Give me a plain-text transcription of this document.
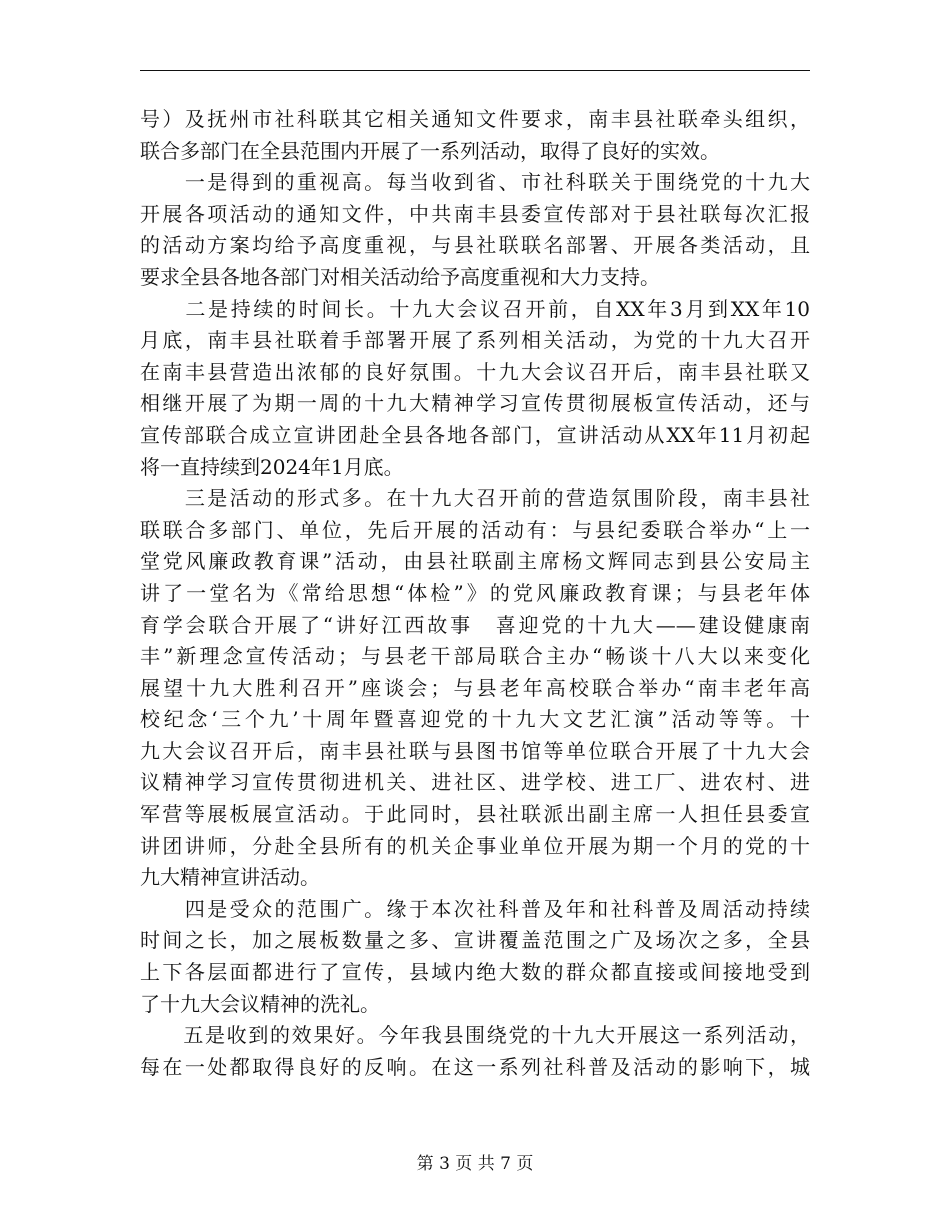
号）及抚州市社科联其它相关通知文件要求，南丰县社联牵头组织，
联合多部门在全县范围内开展了一系列活动，取得了良好的实效。
　　一是得到的重视高。每当收到省、市社科联关于围绕党的十九大
开展各项活动的通知文件，中共南丰县委宣传部对于县社联每次汇报
的活动方案均给予高度重视，与县社联联名部署、开展各类活动，且
要求全县各地各部门对相关活动给予高度重视和大力支持。
　　二是持续的时间长。十九大会议召开前，自XX年3月到XX年10
月底，南丰县社联着手部署开展了系列相关活动，为党的十九大召开
在南丰县营造出浓郁的良好氛围。十九大会议召开后，南丰县社联又
相继开展了为期一周的十九大精神学习宣传贯彻展板宣传活动，还与
宣传部联合成立宣讲团赴全县各地各部门，宣讲活动从XX年11月初起
将一直持续到2024年1月底。
　　三是活动的形式多。在十九大召开前的营造氛围阶段，南丰县社
联联合多部门、单位，先后开展的活动有：与县纪委联合举办“上一
堂党风廉政教育课”活动，由县社联副主席杨文辉同志到县公安局主
讲了一堂名为《常给思想“体检”》的党风廉政教育课；与县老年体
育学会联合开展了“讲好江西故事　喜迎党的十九大——建设健康南
丰”新理念宣传活动；与县老干部局联合主办“畅谈十八大以来变化
展望十九大胜利召开”座谈会；与县老年高校联合举办“南丰老年高
校纪念‘三个九’十周年暨喜迎党的十九大文艺汇演”活动等等。十
九大会议召开后，南丰县社联与县图书馆等单位联合开展了十九大会
议精神学习宣传贯彻进机关、进社区、进学校、进工厂、进农村、进
军营等展板展宣活动。于此同时，县社联派出副主席一人担任县委宣
讲团讲师，分赴全县所有的机关企事业单位开展为期一个月的党的十
九大精神宣讲活动。
　　四是受众的范围广。缘于本次社科普及年和社科普及周活动持续
时间之长，加之展板数量之多、宣讲覆盖范围之广及场次之多，全县
上下各层面都进行了宣传，县域内绝大数的群众都直接或间接地受到
了十九大会议精神的洗礼。
　　五是收到的效果好。今年我县围绕党的十九大开展这一系列活动，
每在一处都取得良好的反响。在这一系列社科普及活动的影响下，城
第 3 页 共 7 页
